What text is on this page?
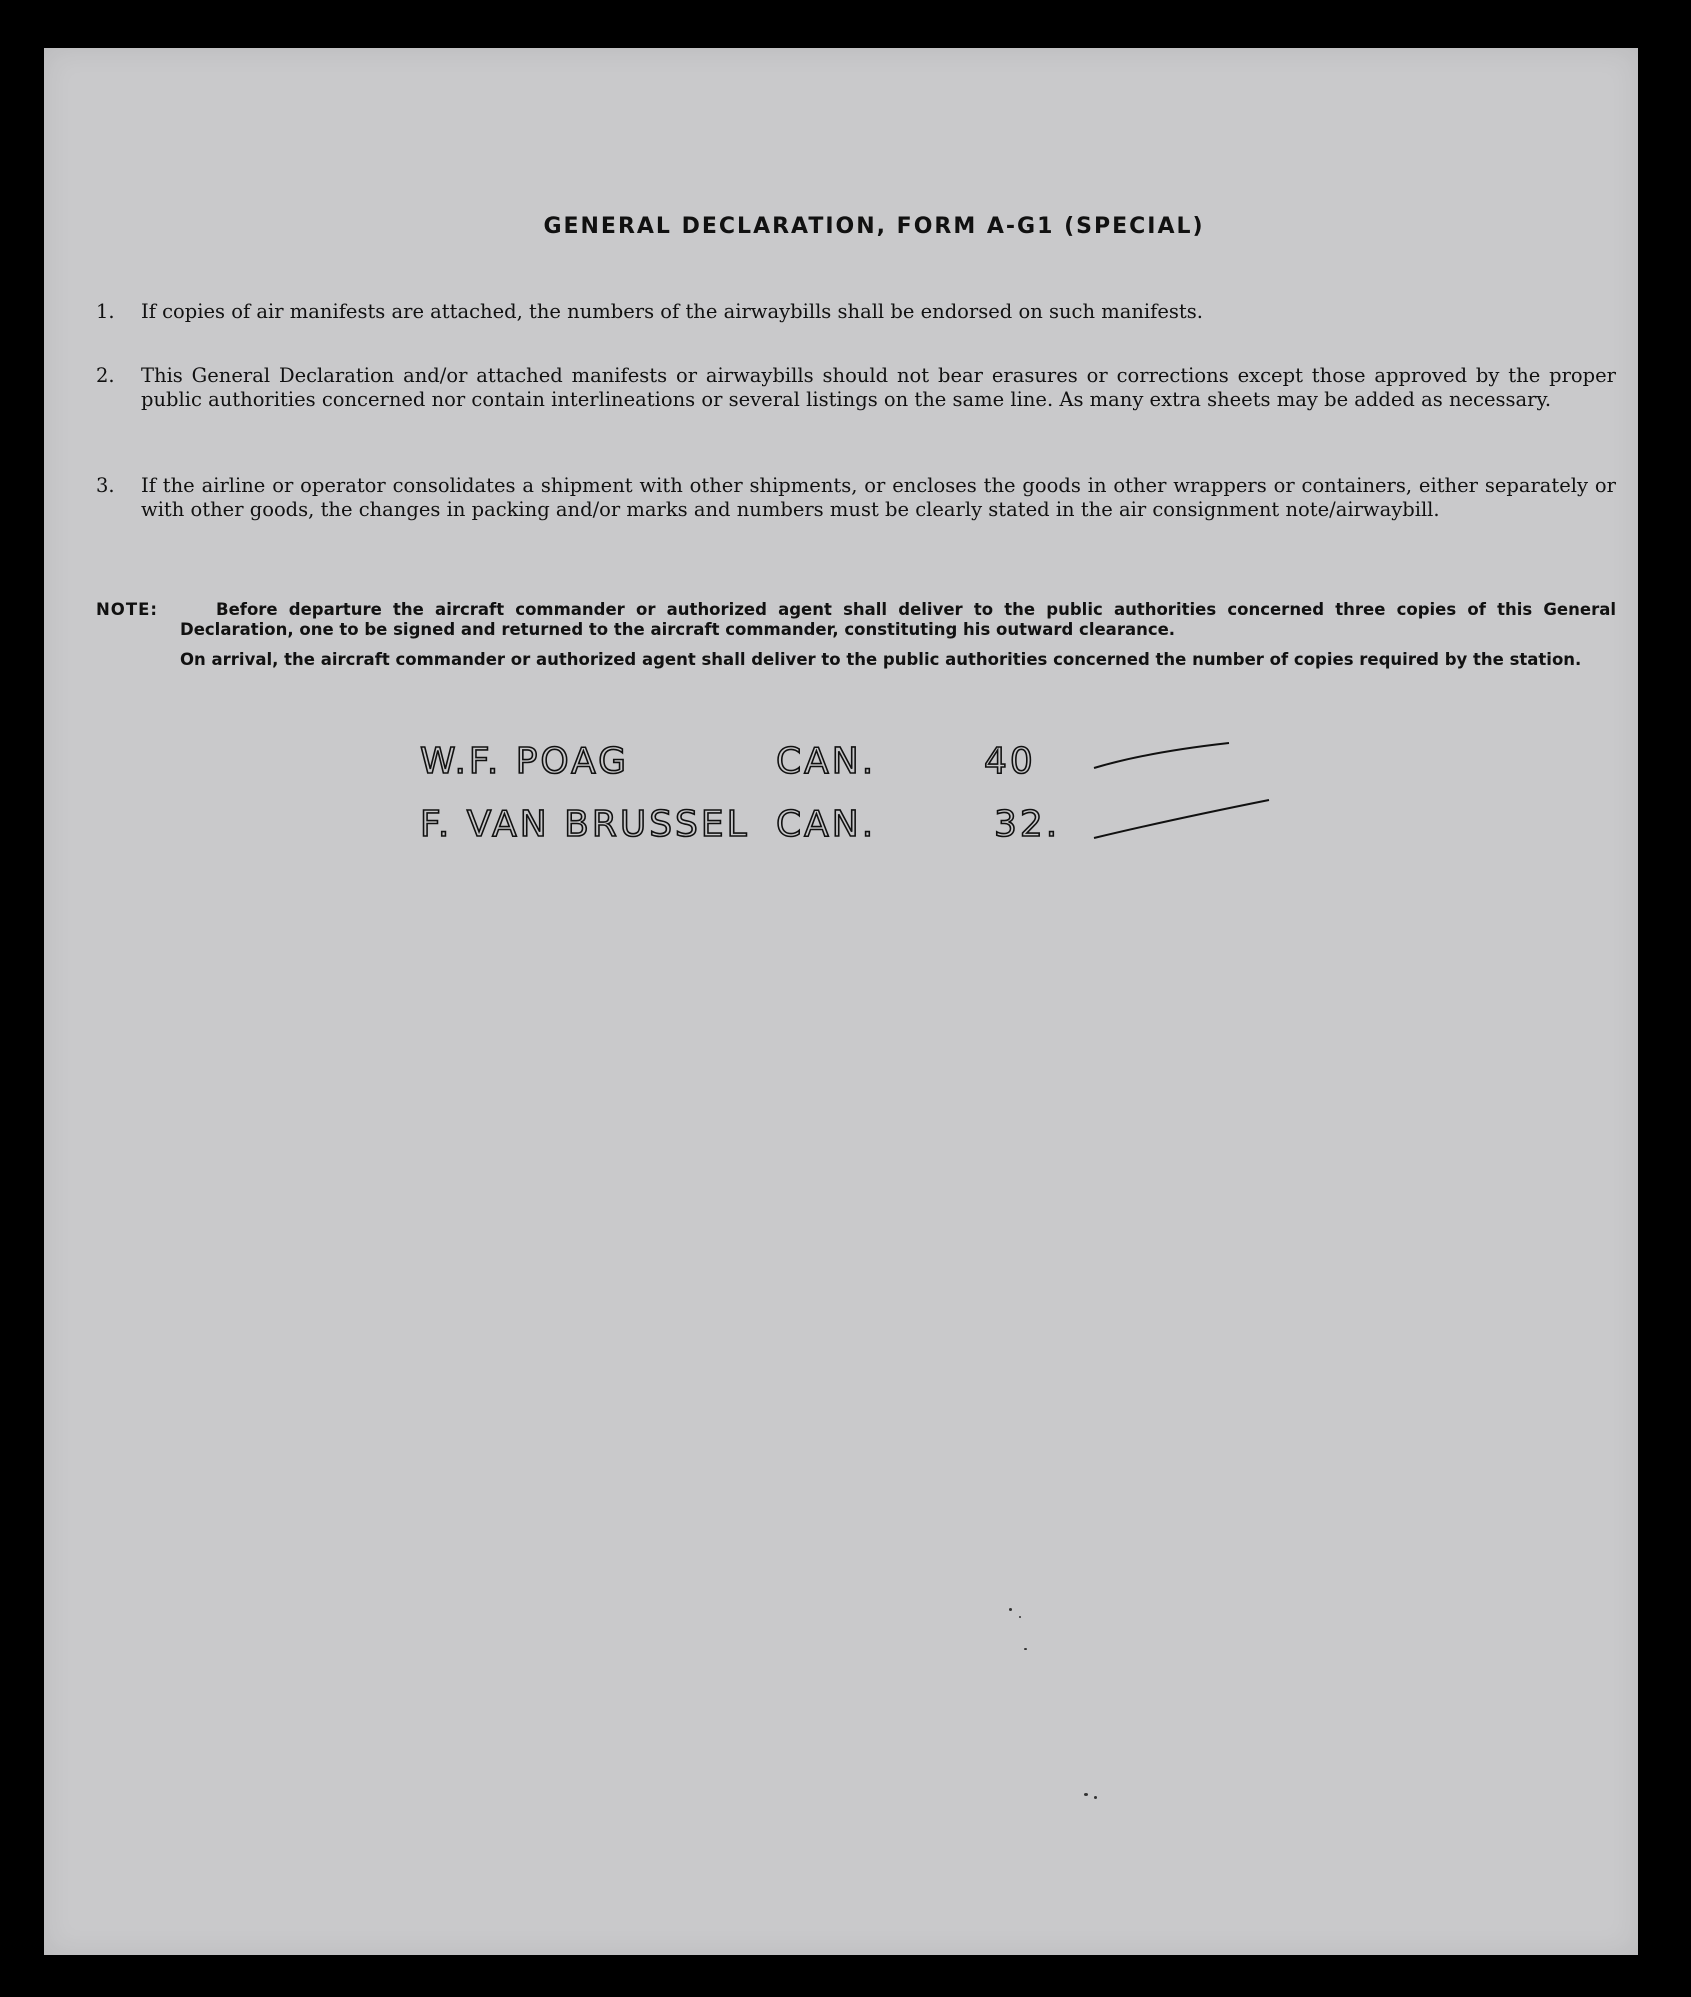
GENERAL DECLARATION, FORM A-G1 (SPECIAL)
1.	If copies of air manifests are attached, the numbers of the airwaybills shall be endorsed on such manifests.
2.	This General Declaration and/or attached manifests or airwaybills should not bear erasures or corrections except those approved by the proper public authorities concerned nor contain interlineations or several listings on the same line. As many extra sheets may be added as necessary.
3.	If the airline or operator consolidates a shipment with other shipments, or encloses the goods in other wrappers or containers, either separately or with other goods, the changes in packing and/or marks and numbers must be clearly stated in the air consignment note/airwaybill.
NOTE:	Before departure the aircraft commander or authorized agent shall deliver to the public authorities concerned three copies of this General Declaration, one to be signed and returned to the aircraft commander, constituting his outward clearance.
On arrival, the aircraft commander or authorized agent shall deliver to the public authorities concerned the number of copies required by the station.
W.F. POAG	CAN.	40
F. VAN BRUSSEL CAN.	32.
